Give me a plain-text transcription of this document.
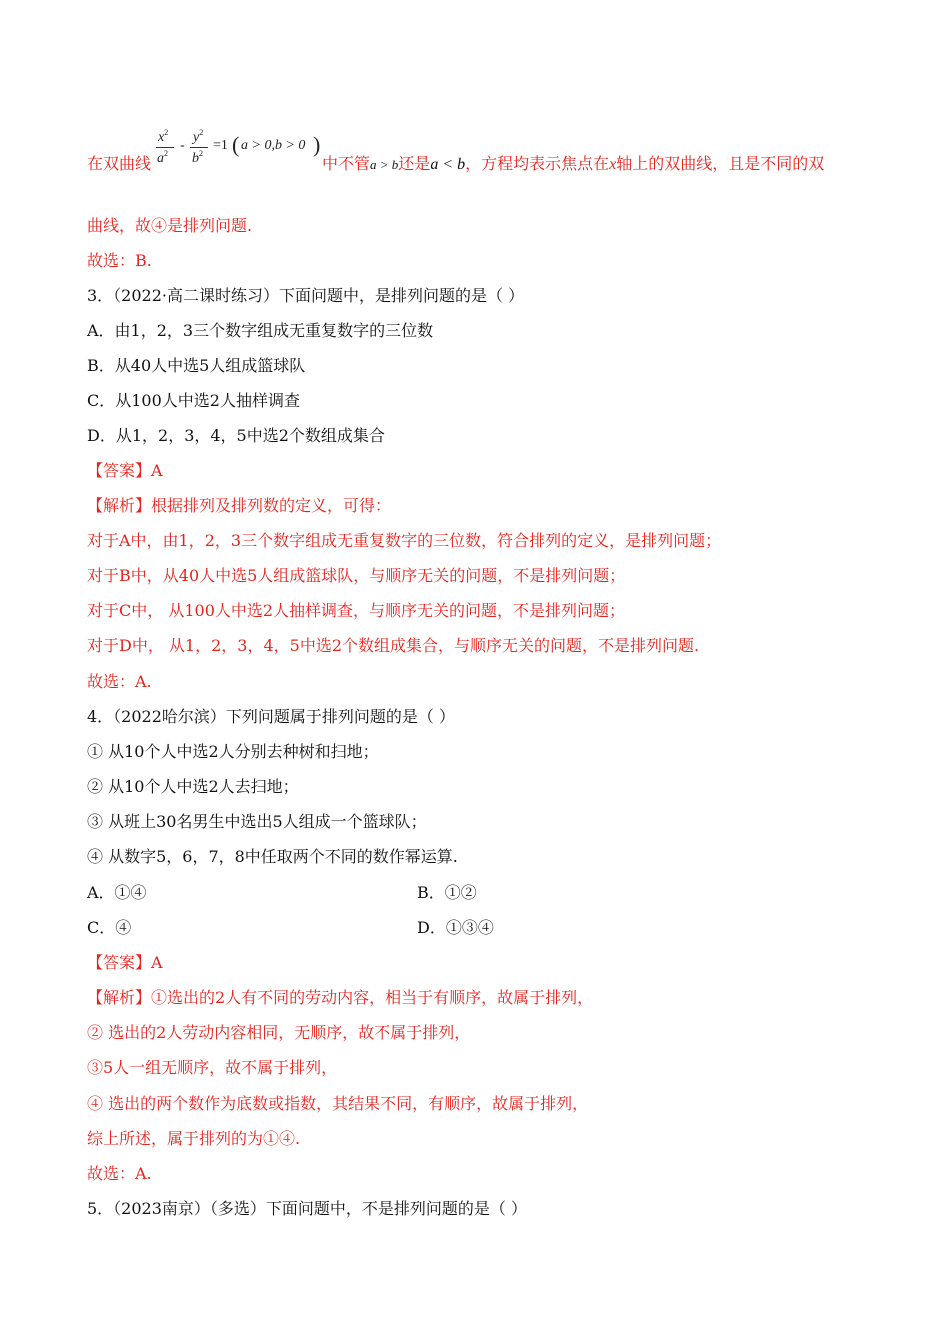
在双曲线
$x^2$
$a^2$
-
$y^2$
$b^2$
=1 ( a > 0,b > 0 )
中不管a > b还是a < b，方程均表示焦点在x轴上的双曲线，且是不同的双
曲线，故④是排列问题.
故选：B.
3．（2022·高二课时练习）下面问题中，是排列问题的是（ ）
A．由1，2，3三个数字组成无重复数字的三位数
B．从40人中选5人组成篮球队
C．从100人中选2人抽样调查
D．从1，2，3，4，5中选2个数组成集合
【答案】A
【解析】根据排列及排列数的定义，可得：
对于A中，由1，2，3三个数字组成无重复数字的三位数，符合排列的定义，是排列问题；
对于B中，从40人中选5人组成篮球队，与顺序无关的问题，不是排列问题；
对于C中， 从100人中选2人抽样调查，与顺序无关的问题，不是排列问题；
对于D中， 从1，2，3，4，5中选2个数组成集合，与顺序无关的问题，不是排列问题.
故选：A.
4．（2022哈尔滨）下列问题属于排列问题的是（ ）
① 从10个人中选2人分别去种树和扫地；
② 从10个人中选2人去扫地；
③ 从班上30名男生中选出5人组成一个篮球队；
④ 从数字5，6，7，8中任取两个不同的数作幂运算.
A．①④	B．①②
C．④	D．①③④
【答案】A
【解析】①选出的2人有不同的劳动内容，相当于有顺序，故属于排列，
② 选出的2人劳动内容相同，无顺序，故不属于排列，
③5人一组无顺序，故不属于排列，
④ 选出的两个数作为底数或指数，其结果不同，有顺序，故属于排列，
综上所述，属于排列的为①④.
故选：A.
5．（2023南京）（多选）下面问题中，不是排列问题的是（ ）
